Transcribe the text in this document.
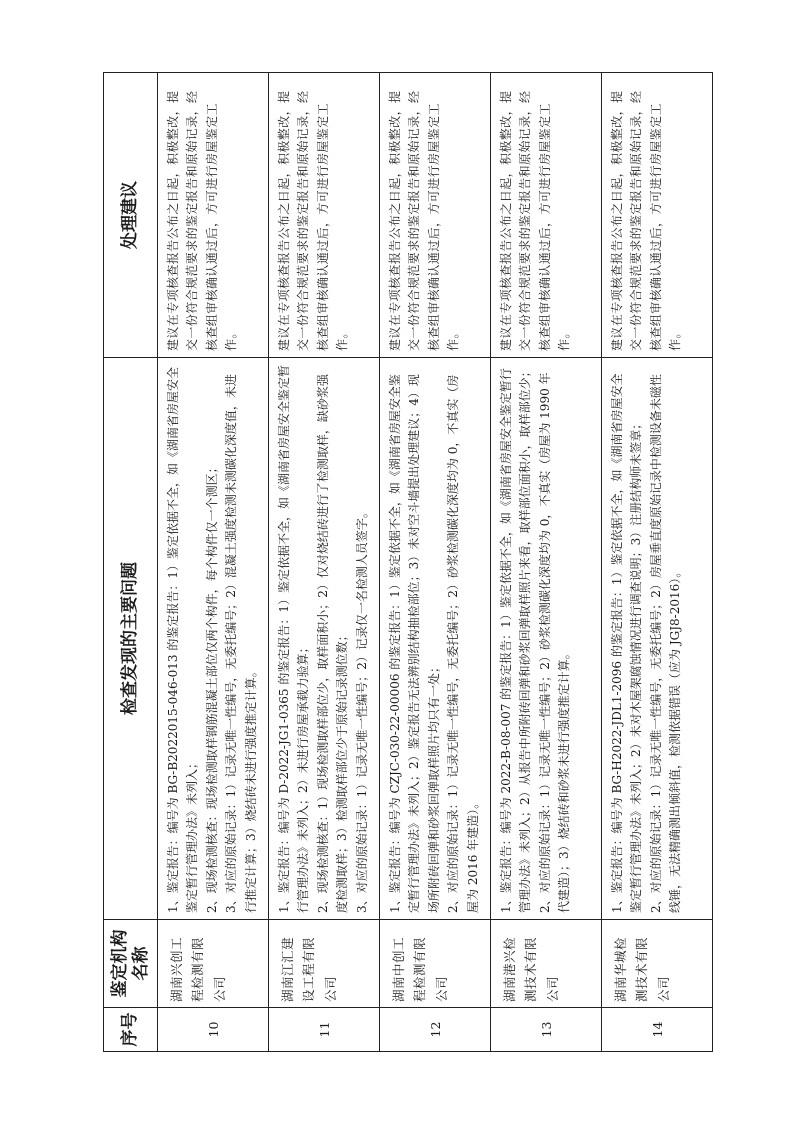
序号	鉴定机构名称	检查发现的主要问题	处理建议
10	湖南兴创工程检测有限公司	1、鉴定报告：编号为 BG-B2022015-046-013 的鉴定报告：1）鉴定依据不全，如《湖南省房屋安全鉴定暂行管理办法》未列入； 2、现场检测核查：现场检测取样钢筋混凝土部位仅两个构件，每个构件仅一个测区； 3、对应的原始记录：1）记录无唯一性编号，无委托编号；2）混凝土强度检测未测碳化深度值，未进行推定计算；3）烧结砖未进行强度推定计算。	建议在专项核查报告公布之日起，积极整改，提交一份符合规范要求的鉴定报告和原始记录，经核查组审核确认通过后，方可进行房屋鉴定工作。
11	湖南江汇建设工程有限公司	1、鉴定报告：编号为 D-2022-JG1-0365 的鉴定报告：1）鉴定依据不全，如《湖南省房屋安全鉴定暂行管理办法》未列入；2）未进行房屋承载力验算； 2、现场检测核查：1）现场检测取样部位少，取样面积小；2）仅对烧结砖进行了检测取样，缺砂浆强度检测取样；3）检测取样部位少于原始记录测位数； 3、对应的原始记录：1）记录无唯一性编号；2）记录仅一名检测人员签字。	建议在专项核查报告公布之日起，积极整改，提交一份符合规范要求的鉴定报告和原始记录，经核查组审核确认通过后，方可进行房屋鉴定工作。
12	湖南中创工程检测有限公司	1、鉴定报告：编号为 CZJC-030-22-00006 的鉴定报告：1）鉴定依据不全，如《湖南省房屋安全鉴定暂行管理办法》未列入；2）鉴定报告无法辨别结构抽检部位；3）未对空斗墙提出处理建议；4）现场所附砖回弹和砂浆回弹取样照片均只有一处； 2、对应的原始记录：1）记录无唯一性编号，无委托编号；2）砂浆检测碳化深度均为 0，不真实（房屋为 2016 年建造）。	建议在专项核查报告公布之日起，积极整改，提交一份符合规范要求的鉴定报告和原始记录，经核查组审核确认通过后，方可进行房屋鉴定工作。
13	湖南港兴检测技术有限公司	1、鉴定报告：编号为 2022-B-08-007 的鉴定报告：1）鉴定依据不全，如《湖南省房屋安全鉴定暂行管理办法》未列入；2）从报告中所附砖回弹和砂浆回弹取样照片来看，取样部位面积小，取样部位少； 2、对应的原始记录：1）记录无唯一性编号；2）砂浆检测碳化深度均为 0，不真实（房屋为 1990 年代建造）；3）烧结砖和砂浆未进行强度推定计算。	建议在专项核查报告公布之日起，积极整改，提交一份符合规范要求的鉴定报告和原始记录，经核查组审核确认通过后，方可进行房屋鉴定工作。
14	湖南华城检测技术有限公司	1、鉴定报告：编号为 BG-H2022-JDL1-2096 的鉴定报告：1）鉴定依据不全，如《湖南省房屋安全鉴定暂行管理办法》未列入；2）未对木屋架腐蚀情况进行调查说明；3）注册结构师未签章； 2、对应的原始记录：1）记录无唯一性编号，无委托编号；2）房屋垂直度原始记录中检测设备未磁性线锤，无法精确测出倾斜值，检测依据错误（应为 JGJ8-2016）。	建议在专项核查报告公布之日起，积极整改，提交一份符合规范要求的鉴定报告和原始记录，经核查组审核确认通过后，方可进行房屋鉴定工作。
